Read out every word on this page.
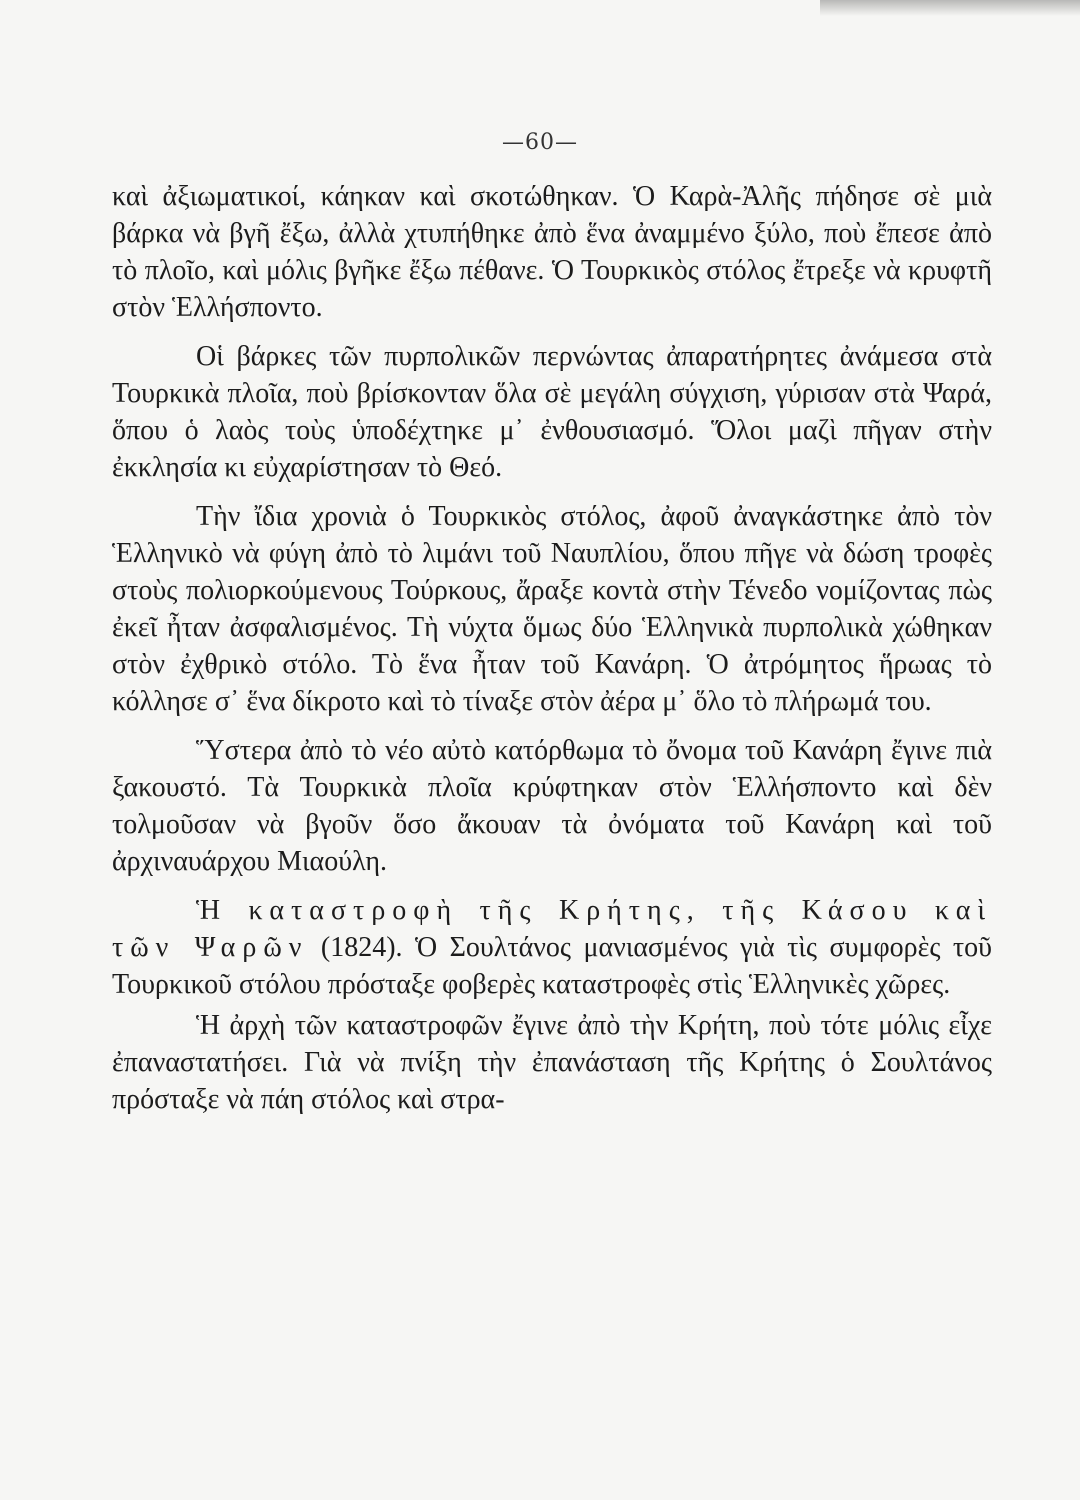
—60—

καὶ ἀξιωματικοί, κάηκαν καὶ σκοτώθηκαν. Ὁ Καρὰ-Ἀλῆς πήδησε σὲ μιὰ βάρκα νὰ βγῆ ἔξω, ἀλλὰ χτυπήθηκε ἀπὸ ἕνα ἀναμμένο ξύλο, ποὺ ἔπεσε ἀπὸ τὸ πλοῖο, καὶ μόλις βγῆκε ἔξω πέθανε. Ὁ Τουρκικὸς στόλος ἔτρεξε νὰ κρυφτῆ στὸν Ἑλλήσποντο.

Οἱ βάρκες τῶν πυρπολικῶν περνώντας ἀπαρατήρητες ἀνάμεσα στὰ Τουρκικὰ πλοῖα, ποὺ βρίσκονταν ὅλα σὲ μεγάλη σύγχιση, γύρισαν στὰ Ψαρά, ὅπου ὁ λαὸς τοὺς ὑποδέχτηκε μ᾿ ἐνθουσιασμό. Ὅλοι μαζὶ πῆγαν στὴν ἐκκλησία κι εὐχαρίστησαν τὸ Θεό.

Τὴν ἴδια χρονιὰ ὁ Τουρκικὸς στόλος, ἀφοῦ ἀναγκάστηκε ἀπὸ τὸν Ἑλληνικὸ νὰ φύγη ἀπὸ τὸ λιμάνι τοῦ Ναυπλίου, ὅπου πῆγε νὰ δώση τροφὲς στοὺς πολιορκούμενους Τούρκους, ἄραξε κοντὰ στὴν Τένεδο νομίζοντας πὼς ἐκεῖ ἦταν ἀσφαλισμένος. Τὴ νύχτα ὅμως δύο Ἑλληνικὰ πυρπολικὰ χώθηκαν στὸν ἐχθρικὸ στόλο. Τὸ ἕνα ἦταν τοῦ Κανάρη. Ὁ ἀτρόμητος ἥρωας τὸ κόλλησε σ᾿ ἕνα δίκροτο καὶ τὸ τίναξε στὸν ἀέρα μ᾿ ὅλο τὸ πλήρωμά του.

Ὕστερα ἀπὸ τὸ νέο αὐτὸ κατόρθωμα τὸ ὄνομα τοῦ Κανάρη ἔγινε πιὰ ξακουστό. Τὰ Τουρκικὰ πλοῖα κρύφτηκαν στὸν Ἑλλήσποντο καὶ δὲν τολμοῦσαν νὰ βγοῦν ὅσο ἄκουαν τὰ ὀνόματα τοῦ Κανάρη καὶ τοῦ ἀρχιναυάρχου Μιαούλη.

Ἡ καταστροφὴ τῆς Κρήτης, τῆς Κάσου καὶ τῶν Ψαρῶν (1824). Ὁ Σουλτάνος μανιασμένος γιὰ τὶς συμφορὲς τοῦ Τουρκικοῦ στόλου πρόσταξε φοβερὲς καταστροφὲς στὶς Ἑλληνικὲς χῶρες.

Ἡ ἀρχὴ τῶν καταστροφῶν ἔγινε ἀπὸ τὴν Κρήτη, ποὺ τότε μόλις εἶχε ἐπαναστατήσει. Γιὰ νὰ πνίξη τὴν ἐπανάσταση τῆς Κρήτης ὁ Σουλτάνος πρόσταξε νὰ πάη στόλος καὶ στρα-
